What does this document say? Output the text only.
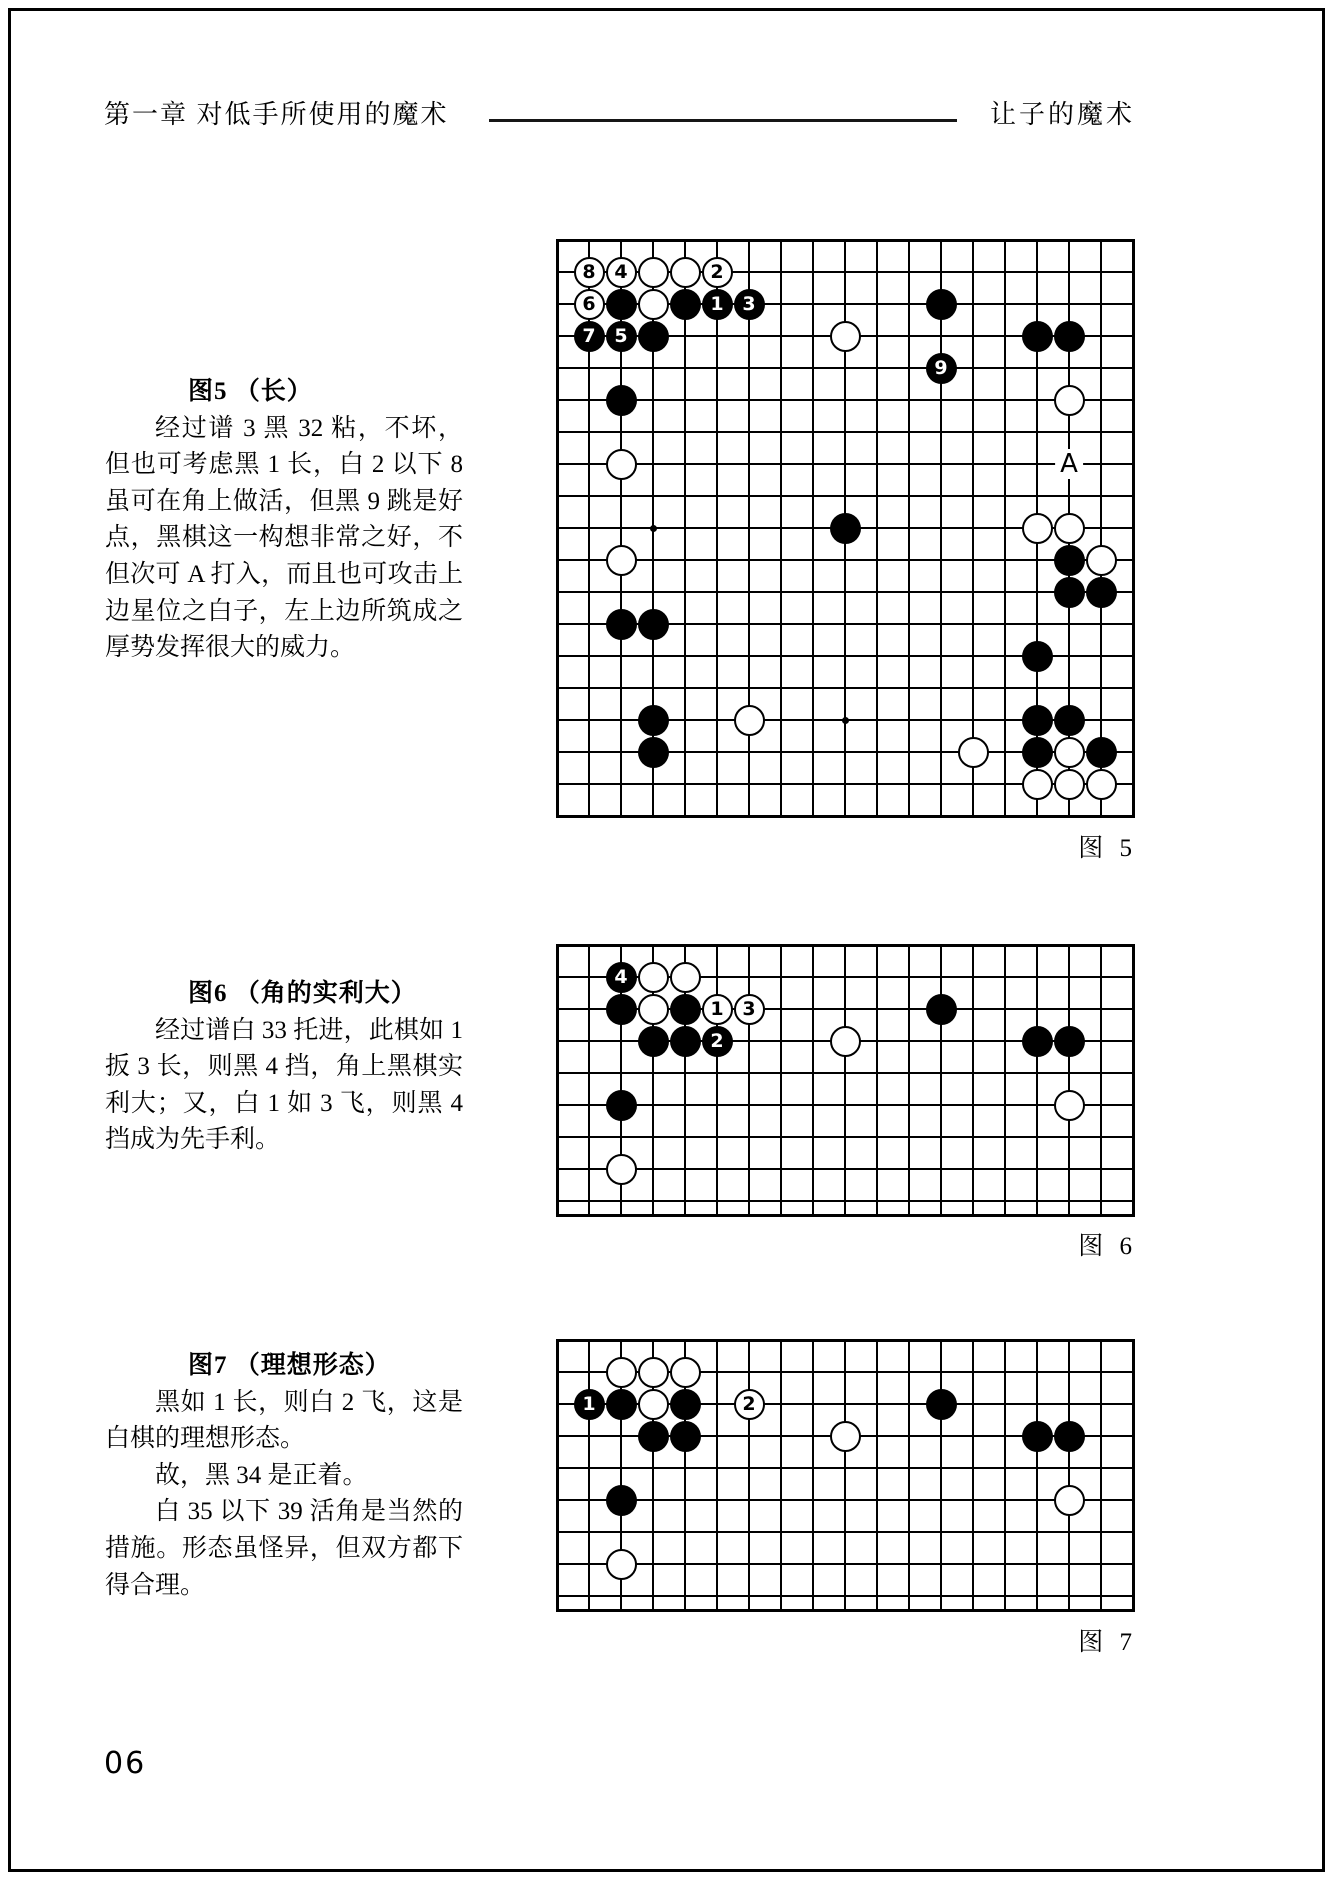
第一章 对低手所使用的魔术	让子的魔术
图5 （长）
经过谱 3 黑 32 粘，不坏，
但也可考虑黑 1 长，白 2 以下 8
虽可在角上做活，但黑 9 跳是好
点，黑棋这一构想非常之好，不
但次可 A 打入，而且也可攻击上
边星位之白子，左上边所筑成之
厚势发挥很大的威力。
8 4	2
6	1 3
7 5
9
A
图 5
图6 （角的实利大）
经过谱白 33 托进，此棋如 1
扳 3 长，则黑 4 挡，角上黑棋实
利大；又，白 1 如 3 飞，则黑 4
挡成为先手利。
4
1 3
2
图 6
图7 （理想形态）
黑如 1 长，则白 2 飞，这是
白棋的理想形态。
故，黑 34 是正着。
白 35 以下 39 活角是当然的
措施。形态虽怪异，但双方都下
得合理。
1	2
图 7
06
